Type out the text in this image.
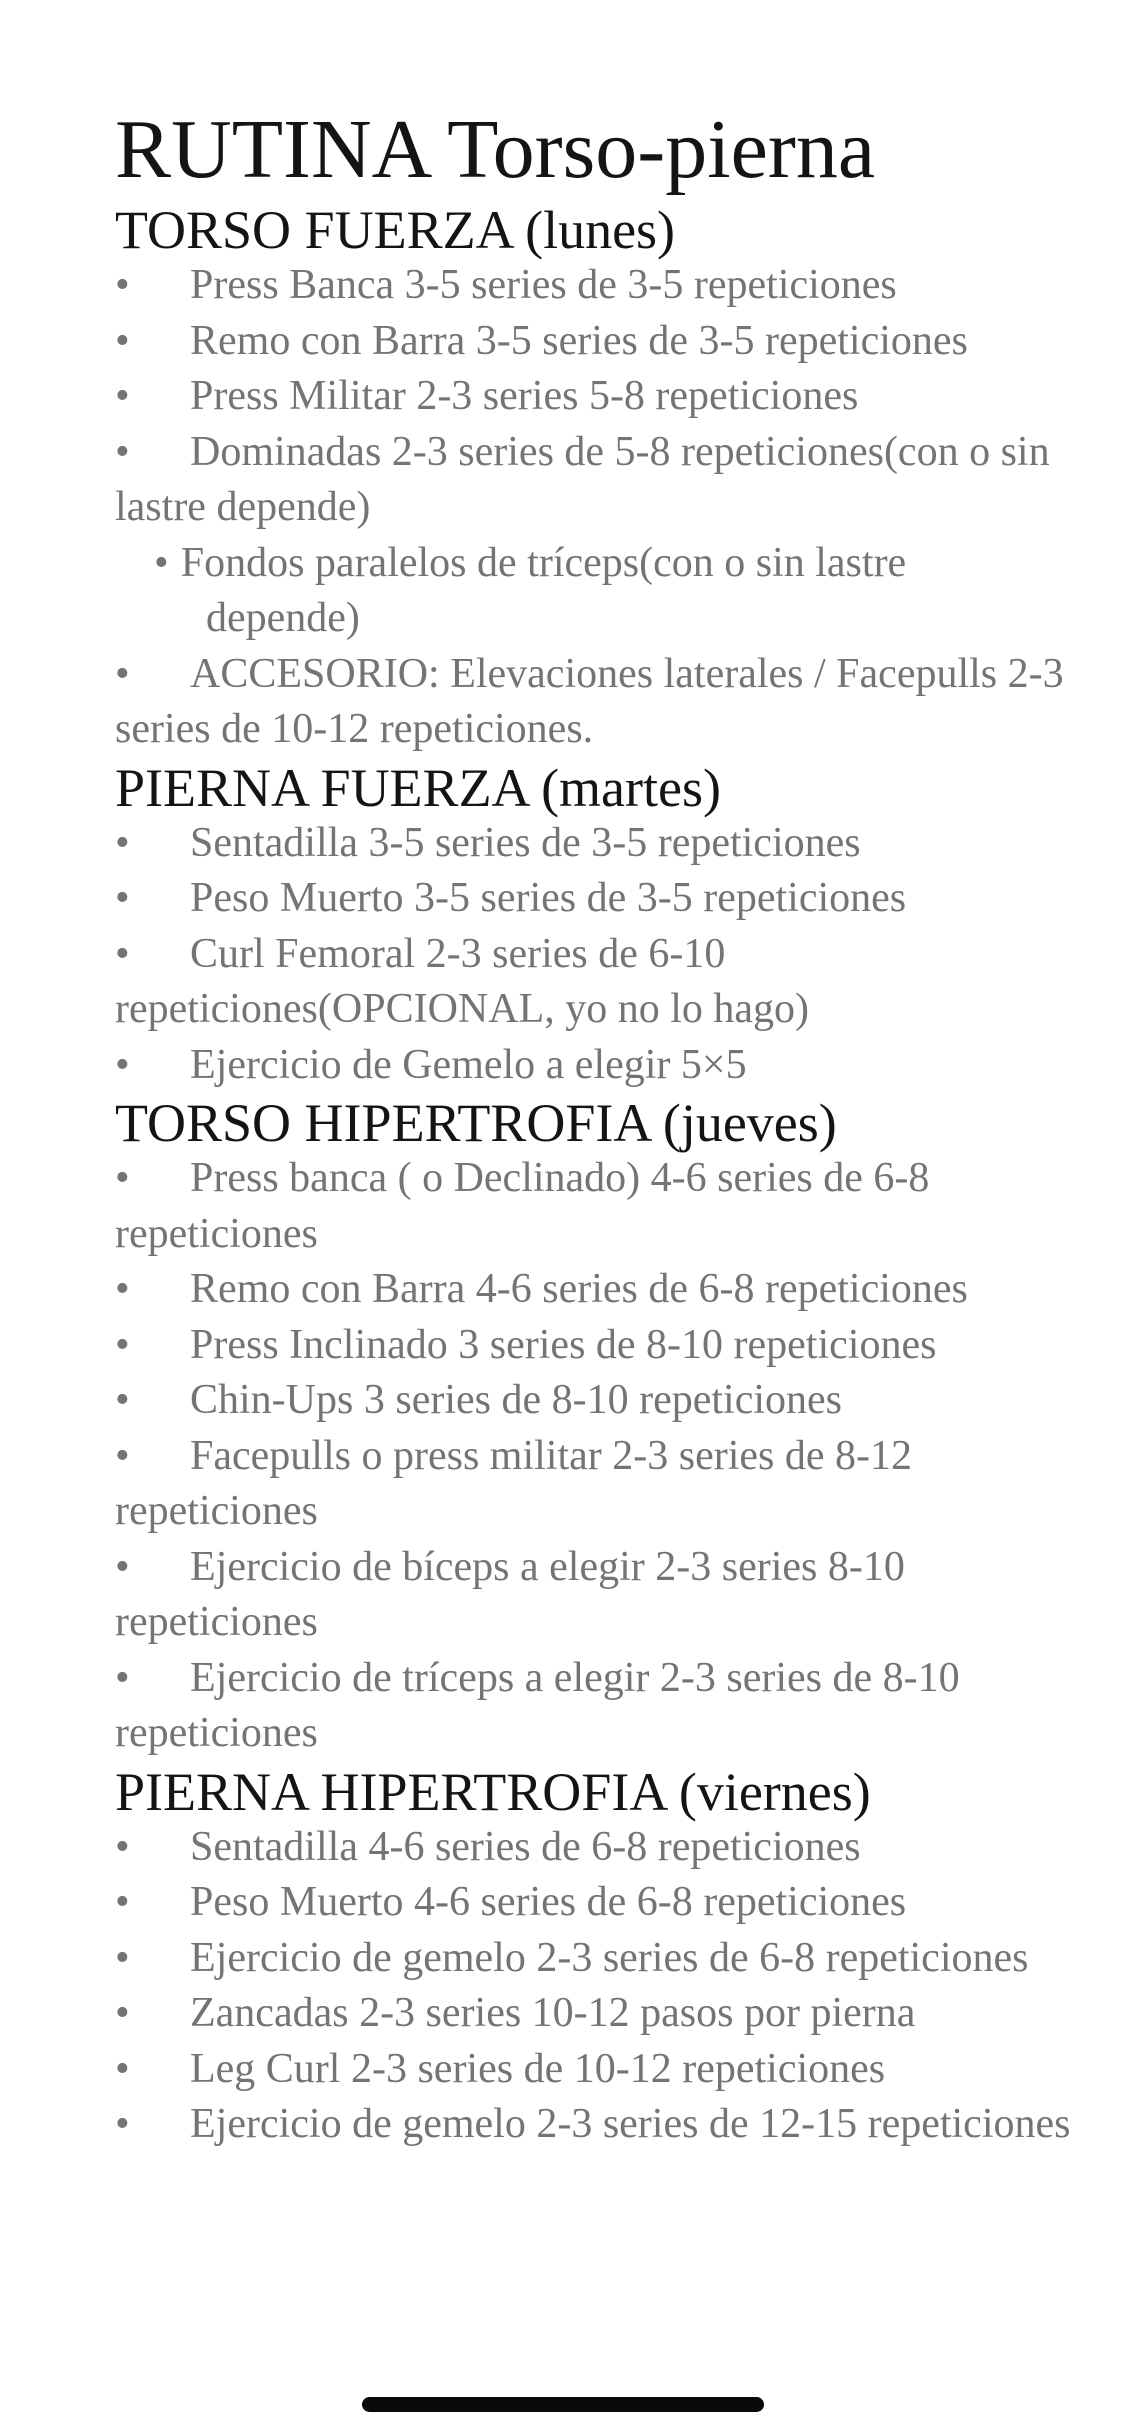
RUTINA Torso-pierna
TORSO FUERZA (lunes)
• Press Banca 3-5 series de 3-5 repeticiones
• Remo con Barra 3-5 series de 3-5 repeticiones
• Press Militar 2-3 series 5-8 repeticiones
• Dominadas 2-3 series de 5-8 repeticiones(con o sin lastre depende)
• Fondos paralelos de tríceps(con o sin lastre
depende)
• ACCESORIO: Elevaciones laterales / Facepulls 2-3 series de 10-12 repeticiones.
PIERNA FUERZA (martes)
• Sentadilla 3-5 series de 3-5 repeticiones
• Peso Muerto 3-5 series de 3-5 repeticiones
• Curl Femoral 2-3 series de 6-10 repeticiones(OPCIONAL, yo no lo hago)
• Ejercicio de Gemelo a elegir 5×5
TORSO HIPERTROFIA (jueves)
• Press banca ( o Declinado) 4-6 series de 6-8 repeticiones
• Remo con Barra 4-6 series de 6-8 repeticiones
• Press Inclinado 3 series de 8-10 repeticiones
• Chin-Ups 3 series de 8-10 repeticiones
• Facepulls o press militar 2-3 series de 8-12 repeticiones
• Ejercicio de bíceps a elegir 2-3 series 8-10 repeticiones
• Ejercicio de tríceps a elegir 2-3 series de 8-10 repeticiones
PIERNA HIPERTROFIA (viernes)
• Sentadilla 4-6 series de 6-8 repeticiones
• Peso Muerto 4-6 series de 6-8 repeticiones
• Ejercicio de gemelo 2-3 series de 6-8 repeticiones
• Zancadas 2-3 series 10-12 pasos por pierna
• Leg Curl 2-3 series de 10-12 repeticiones
• Ejercicio de gemelo 2-3 series de 12-15 repeticiones
